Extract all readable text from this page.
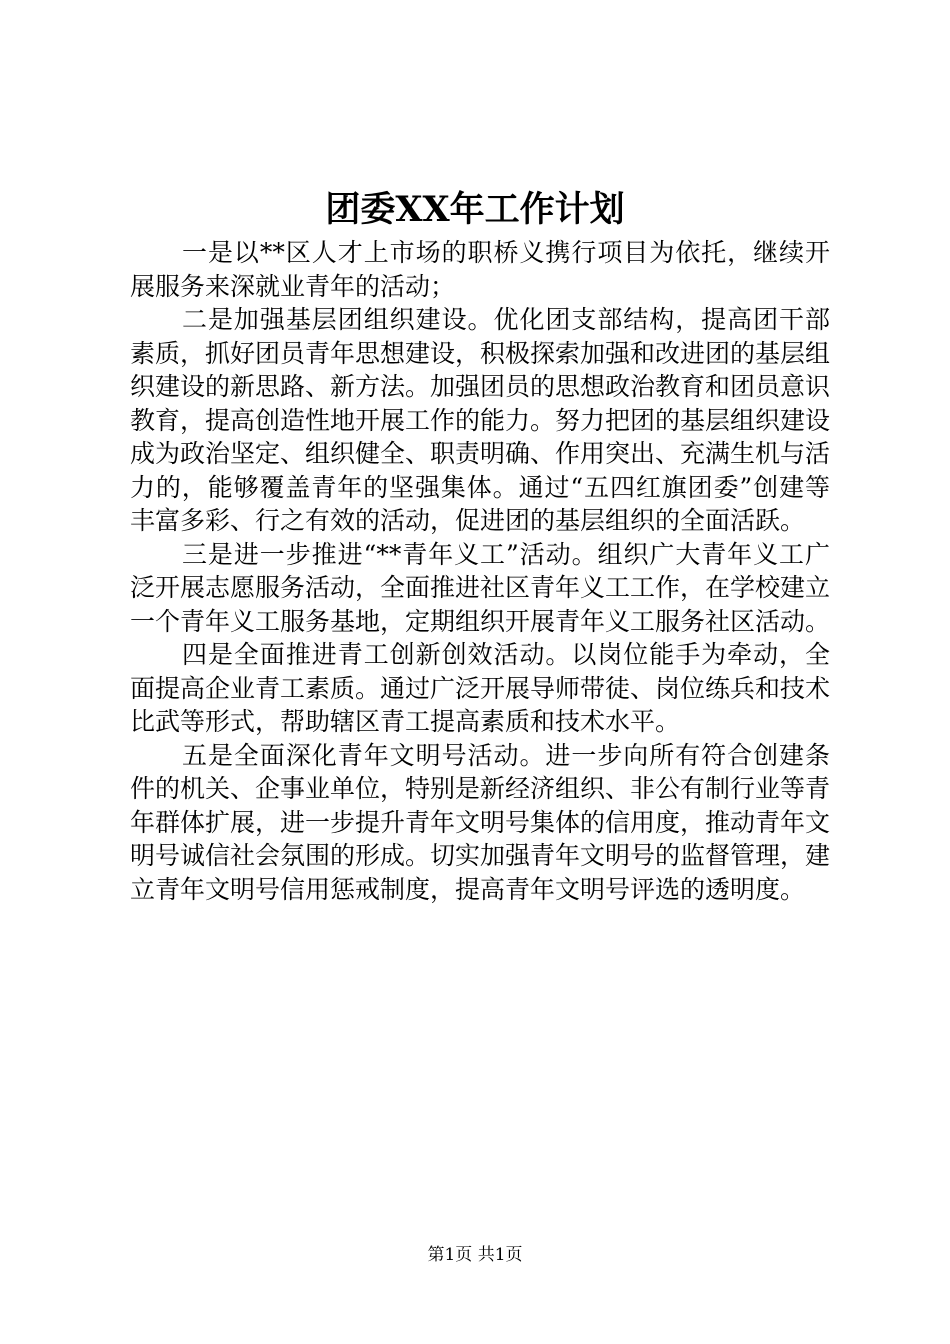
团委XX年工作计划

一是以**区人才上市场的职桥义携行项目为依托，继续开展服务来深就业青年的活动；

二是加强基层团组织建设。优化团支部结构，提高团干部素质，抓好团员青年思想建设，积极探索加强和改进团的基层组织建设的新思路、新方法。加强团员的思想政治教育和团员意识教育，提高创造性地开展工作的能力。努力把团的基层组织建设成为政治坚定、组织健全、职责明确、作用突出、充满生机与活力的，能够覆盖青年的坚强集体。通过“五四红旗团委”创建等丰富多彩、行之有效的活动，促进团的基层组织的全面活跃。

三是进一步推进“**青年义工”活动。组织广大青年义工广泛开展志愿服务活动，全面推进社区青年义工工作，在学校建立一个青年义工服务基地，定期组织开展青年义工服务社区活动。

四是全面推进青工创新创效活动。以岗位能手为牵动，全面提高企业青工素质。通过广泛开展导师带徒、岗位练兵和技术比武等形式，帮助辖区青工提高素质和技术水平。

五是全面深化青年文明号活动。进一步向所有符合创建条件的机关、企事业单位，特别是新经济组织、非公有制行业等青年群体扩展，进一步提升青年文明号集体的信用度，推动青年文明号诚信社会氛围的形成。切实加强青年文明号的监督管理，建立青年文明号信用惩戒制度，提高青年文明号评选的透明度。

第1页 共1页
